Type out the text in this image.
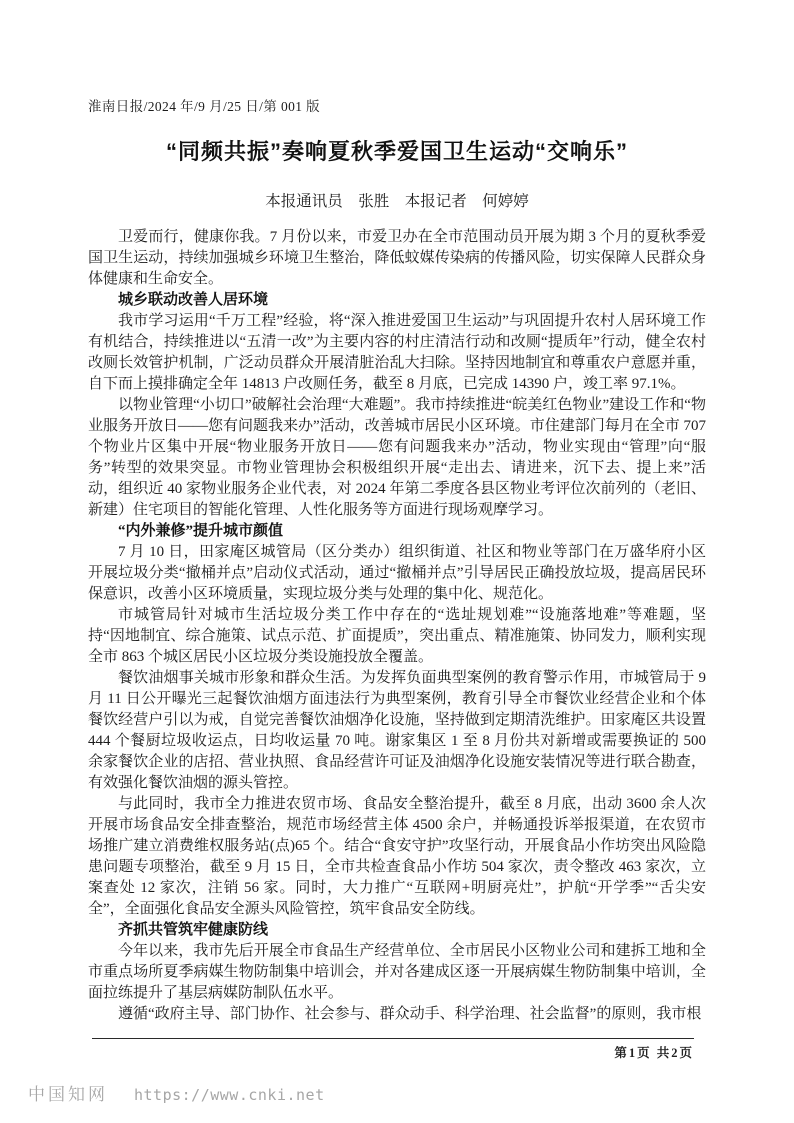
淮南日报/2024 年/9 月/25 日/第 001 版
“同频共振”奏响夏秋季爱国卫生运动“交响乐”
本报通讯员　张胜　本报记者　何婷婷

卫爱而行，健康你我。7 月份以来，市爱卫办在全市范围动员开展为期 3 个月的夏秋季爱国卫生运动，持续加强城乡环境卫生整治，降低蚊媒传染病的传播风险，切实保障人民群众身体健康和生命安全。

城乡联动改善人居环境

我市学习运用“千万工程”经验，将“深入推进爱国卫生运动”与巩固提升农村人居环境工作有机结合，持续推进以“五清一改”为主要内容的村庄清洁行动和改厕“提质年”行动，健全农村改厕长效管护机制，广泛动员群众开展清脏治乱大扫除。坚持因地制宜和尊重农户意愿并重，自下而上摸排确定全年 14813 户改厕任务，截至 8 月底，已完成 14390 户，竣工率 97.1%。

以物业管理“小切口”破解社会治理“大难题”。我市持续推进“皖美红色物业”建设工作和“物业服务开放日——您有问题我来办”活动，改善城市居民小区环境。市住建部门每月在全市 707 个物业片区集中开展“物业服务开放日——您有问题我来办”活动，物业实现由“管理”向“服务”转型的效果突显。市物业管理协会积极组织开展“走出去、请进来，沉下去、提上来”活动，组织近 40 家物业服务企业代表，对 2024 年第二季度各县区物业考评位次前列的（老旧、新建）住宅项目的智能化管理、人性化服务等方面进行现场观摩学习。

“内外兼修”提升城市颜值

7 月 10 日，田家庵区城管局（区分类办）组织街道、社区和物业等部门在万盛华府小区开展垃圾分类“撤桶并点”启动仪式活动，通过“撤桶并点”引导居民正确投放垃圾，提高居民环保意识，改善小区环境质量，实现垃圾分类与处理的集中化、规范化。

市城管局针对城市生活垃圾分类工作中存在的“选址规划难”“设施落地难”等难题，坚持“因地制宜、综合施策、试点示范、扩面提质”，突出重点、精准施策、协同发力，顺利实现全市 863 个城区居民小区垃圾分类设施投放全覆盖。

餐饮油烟事关城市形象和群众生活。为发挥负面典型案例的教育警示作用，市城管局于 9 月 11 日公开曝光三起餐饮油烟方面违法行为典型案例，教育引导全市餐饮业经营企业和个体餐饮经营户引以为戒，自觉完善餐饮油烟净化设施，坚持做到定期清洗维护。田家庵区共设置 444 个餐厨垃圾收运点，日均收运量 70 吨。谢家集区 1 至 8 月份共对新增或需要换证的 500 余家餐饮企业的店招、营业执照、食品经营许可证及油烟净化设施安装情况等进行联合勘查，有效强化餐饮油烟的源头管控。

与此同时，我市全力推进农贸市场、食品安全整治提升，截至 8 月底，出动 3600 余人次开展市场食品安全排查整治，规范市场经营主体 4500 余户，并畅通投诉举报渠道，在农贸市场推广建立消费维权服务站(点)65 个。结合“食安守护”攻坚行动，开展食品小作坊突出风险隐患问题专项整治，截至 9 月 15 日，全市共检查食品小作坊 504 家次，责令整改 463 家次，立案查处 12 家次，注销 56 家。同时，大力推广“互联网+明厨亮灶”，护航“开学季”“舌尖安全”，全面强化食品安全源头风险管控，筑牢食品安全防线。

齐抓共管筑牢健康防线

今年以来，我市先后开展全市食品生产经营单位、全市居民小区物业公司和建拆工地和全市重点场所夏季病媒生物防制集中培训会，并对各建成区逐一开展病媒生物防制集中培训，全面拉练提升了基层病媒防制队伍水平。

遵循“政府主导、部门协作、社会参与、群众动手、科学治理、社会监督”的原则，我市根

第1页 共2页
中国知网 https://www.cnki.net
